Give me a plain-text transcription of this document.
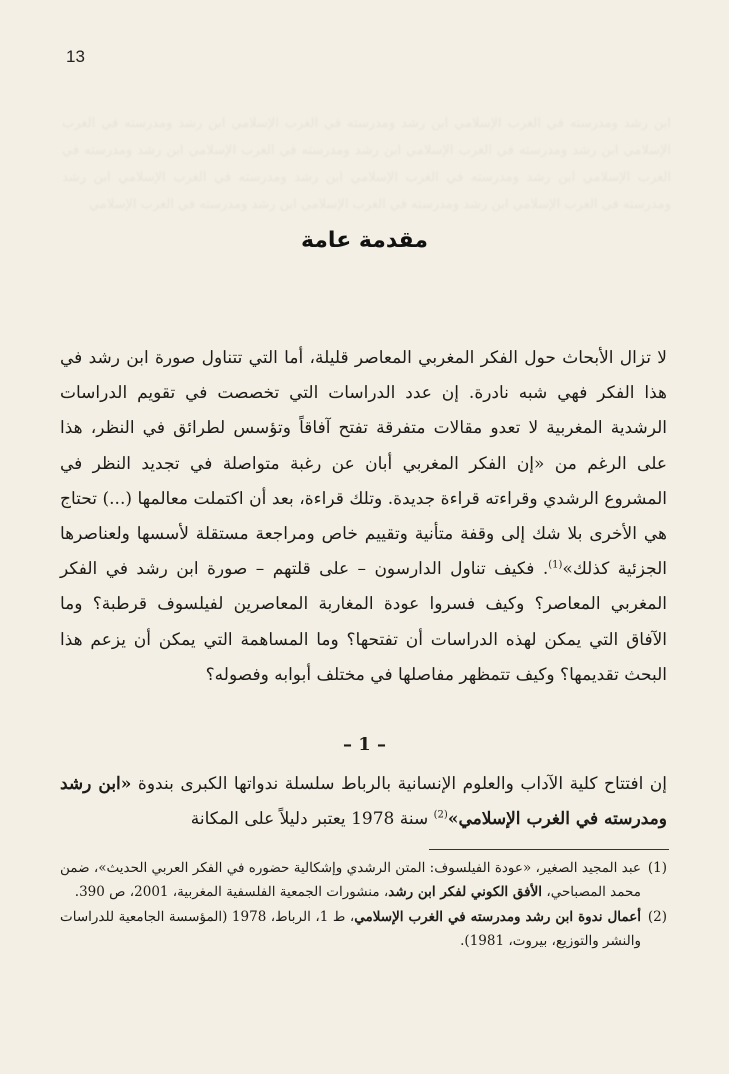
ابن رشد ومدرسته في الغرب الإسلامي ابن رشد ومدرسته في الغرب الإسلامي ابن رشد ومدرسته في الغرب الإسلامي ابن رشد ومدرسته في الغرب الإسلامي ابن رشد ومدرسته في الغرب الإسلامي ابن رشد ومدرسته في الغرب الإسلامي ابن رشد ومدرسته في الغرب الإسلامي ابن رشد ومدرسته في الغرب الإسلامي ابن رشد ومدرسته في الغرب الإسلامي ابن رشد ومدرسته في الغرب الإسلامي ابن رشد ومدرسته في الغرب الإسلامي
13
مقدمة عامة

لا تزال الأبحاث حول الفكر المغربي المعاصر قليلة، أما التي تتناول صورة ابن رشد في هذا الفكر فهي شبه نادرة. إن عدد الدراسات التي تخصصت في تقويم الدراسات الرشدية المغربية لا تعدو مقالات متفرقة تفتح آفاقاً وتؤسس لطرائق في النظر، هذا على الرغم من «إن الفكر المغربي أبان عن رغبة متواصلة في تجديد النظر في المشروع الرشدي وقراءته قراءة جديدة. وتلك قراءة، بعد أن اكتملت معالمها (...) تحتاج هي الأخرى بلا شك إلى وقفة متأنية وتقييم خاص ومراجعة مستقلة لأسسها ولعناصرها الجزئية كذلك»$^{(1)}$. فكيف تناول الدارسون – على قلتهم – صورة ابن رشد في الفكر المغربي المعاصر؟ وكيف فسروا عودة المغاربة المعاصرين لفيلسوف قرطبة؟ وما الآفاق التي يمكن لهذه الدراسات أن تفتحها؟ وما المساهمة التي يمكن أن يزعم هذا البحث تقديمها؟ وكيف تتمظهر مفاصلها في مختلف أبوابه وفصوله؟

– 1 –

إن افتتاح كلية الآداب والعلوم الإنسانية بالرباط سلسلة ندواتها الكبرى بندوة «ابن رشد ومدرسته في الغرب الإسلامي»$^{(2)}$ سنة 1978 يعتبر دليلاً على المكانة

(1)
عبد المجيد الصغير، «عودة الفيلسوف: المتن الرشدي وإشكالية حضوره في الفكر العربي الحديث»، ضمن محمد المصباحي، الأفق الكوني لفكر ابن رشد، منشورات الجمعية الفلسفية المغربية، 2001، ص 390.

(2)
أعمال ندوة ابن رشد ومدرسته في الغرب الإسلامي، ط 1، الرباط، 1978 (المؤسسة الجامعية للدراسات والنشر والتوزيع، بيروت، 1981).
